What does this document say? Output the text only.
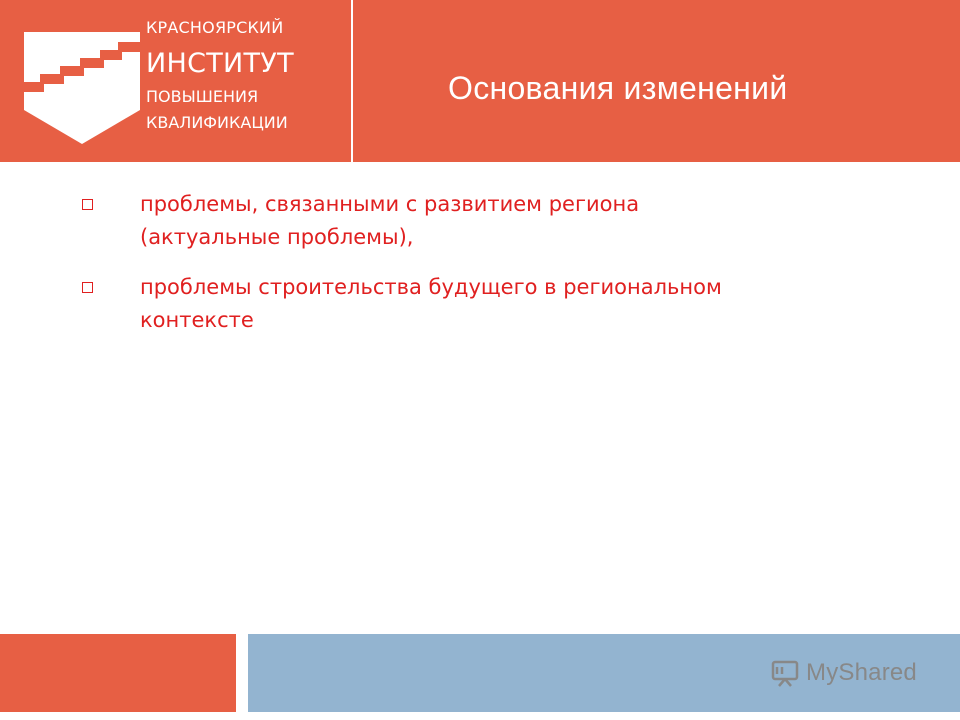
КРАСНОЯРСКИЙ
ИНСТИТУТ
ПОВЫШЕНИЯ
КВАЛИФИКАЦИИ
Основания изменений
проблемы, связанными с развитием региона
(актуальные проблемы),
проблемы строительства будущего в региональном
контексте
MyShared
